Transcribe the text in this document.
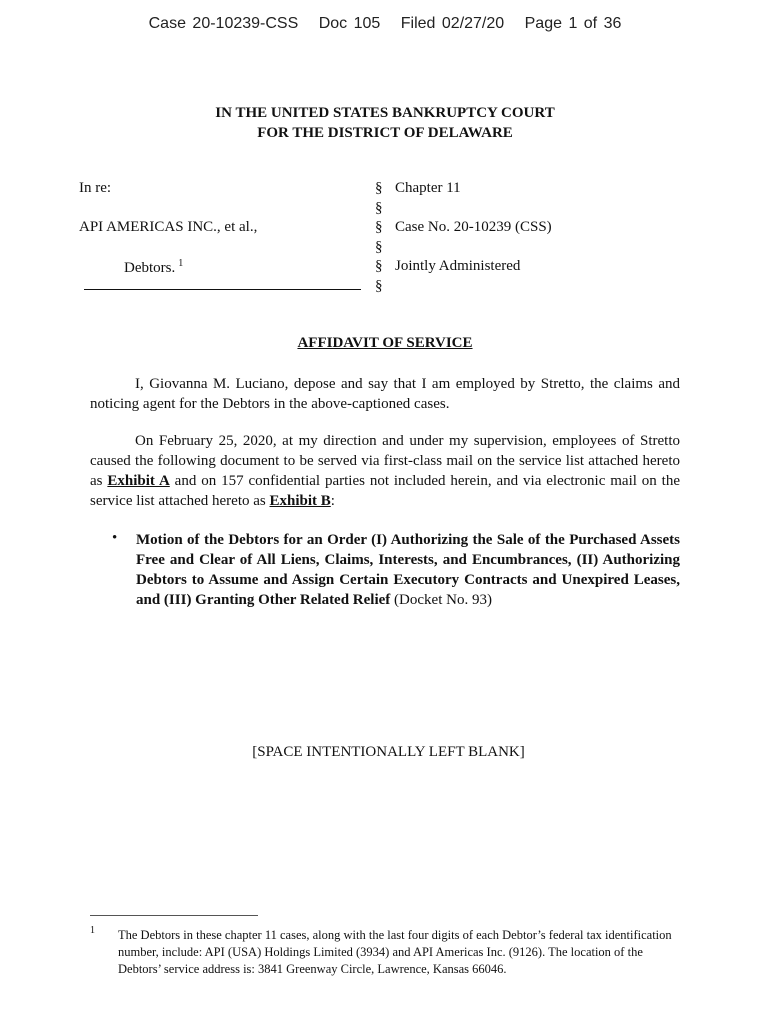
Case 20-10239-CSS Doc 105 Filed 02/27/20 Page 1 of 36
IN THE UNITED STATES BANKRUPTCY COURT
FOR THE DISTRICT OF DELAWARE
In re:
API AMERICAS INC., et al.,
Debtors. $^1$
§
§
§
§
§
§
Chapter 11
Case No. 20-10239 (CSS)
Jointly Administered
AFFIDAVIT OF SERVICE
I, Giovanna M. Luciano, depose and say that I am employed by Stretto, the claims and noticing agent for the Debtors in the above-captioned cases.
On February 25, 2020, at my direction and under my supervision, employees of Stretto caused the following document to be served via first-class mail on the service list attached hereto as Exhibit A and on 157 confidential parties not included herein, and via electronic mail on the service list attached hereto as Exhibit B:
• Motion of the Debtors for an Order (I) Authorizing the Sale of the Purchased Assets Free and Clear of All Liens, Claims, Interests, and Encumbrances, (II) Authorizing Debtors to Assume and Assign Certain Executory Contracts and Unexpired Leases, and (III) Granting Other Related Relief (Docket No. 93)
[SPACE INTENTIONALLY LEFT BLANK]
1 The Debtors in these chapter 11 cases, along with the last four digits of each Debtor’s federal tax identification number, include: API (USA) Holdings Limited (3934) and API Americas Inc. (9126). The location of the Debtors’ service address is: 3841 Greenway Circle, Lawrence, Kansas 66046.
